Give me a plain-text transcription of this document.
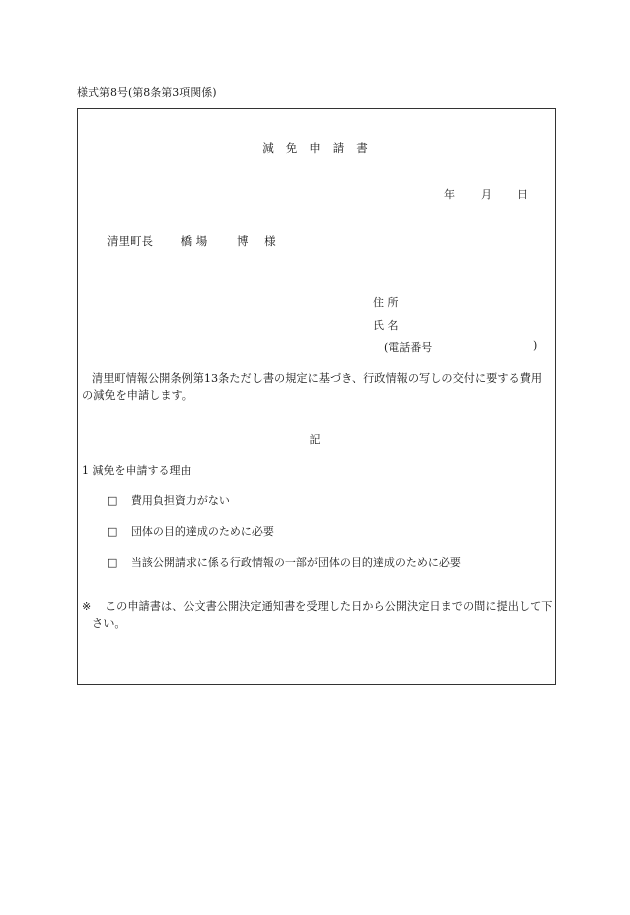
様式第8号(第8条第3項関係)
減免申請書
年 月 日
清里町長 橋 場	博 様
住 所
氏 名
(電話番号	)
清里町情報公開条例第13条ただし書の規定に基づき、行政情報の写しの交付に要する費用の減免を申請します。
記
1 減免を申請する理由
□ 費用負担資力がない
□ 団体の目的達成のために必要
□ 当該公開請求に係る行政情報の一部が団体の目的達成のために必要
※ この申請書は、公文書公開決定通知書を受理した日から公開決定日までの間に提出して下さい。
